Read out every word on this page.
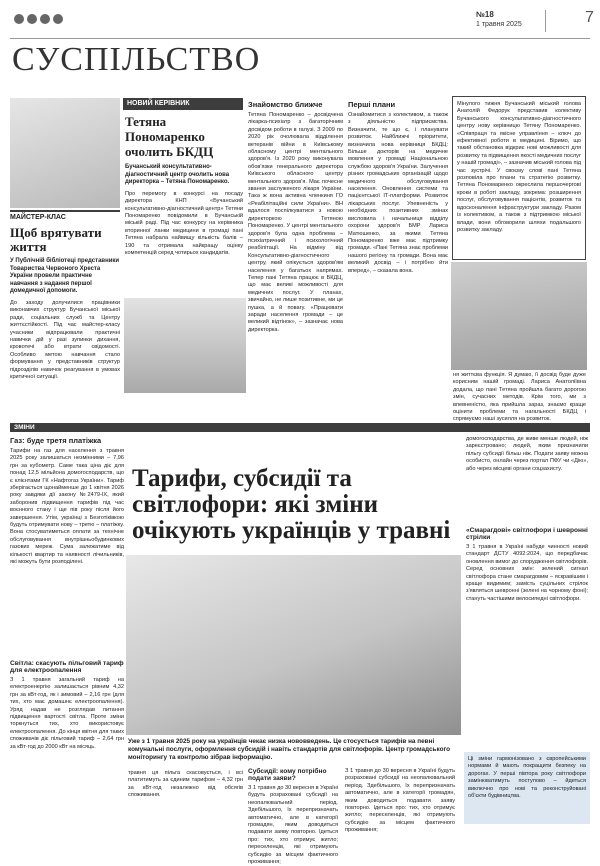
№18
1 травня 2025	7
СУСПІЛЬСТВО
МАЙСТЕР-КЛАС
Щоб врятувати життя
У Публічній бібліотеці представники Товариства Червоного Хреста України провели практичне навчання з надання першої домедичної допомоги.
До заходу долучилися працівники виконавчих структур Бучанської міської ради, соціальних служб та Центру життєстійкості. Під час майстер-класу учасники відпрацювали практичні навички дій у разі зупинки дихання, кровотечі або втрати свідомості. Особливо метою навчання стало формування у представників структур підрозділів навичок реагування в умовах критичної ситуації.
НОВИЙ КЕРІВНИК
Тетяна Пономаренко очолить БКДЦ
Бучанський консультативно-діагностичний центр очолить нова директорка – Тетяна Пономаренко.
Про перемогу в конкурсі на посаду директора КНП «Бучанський консультативно-діагностичний центр» Тетяни Пономаренко повідомили в Бучанській міській раді. Під час конкурсу на керівника вторинної ланки медицини в громаді пані Тетяна набрала найвищу кількість балів – 190 та отримала найкращу оцінку компетенцій серед чотирьох кандидатів.
Знайомство ближче
Тетяна Пономаренко – досвідчена лікарка-психіатр з багаторічним досвідом роботи в галузі. З 2009 по 2020 рік очолювала відділення ветеранів війни в Київському обласному центрі ментального здоров'я. Із 2020 року виконувала обов'язки генерального директора Київського обласного центру ментального здоров'я. Має почесне звання заслуженого лікаря України. Така ж вона активна членкиня ГО «Реабілітаційні сили України». ВН вдалося поспілкуватися з новою директоркою Тетяною Пономаренко. У центрі ментального здоров'я була одна проблема – психіатричний і психологічний реабілітації. На відміну від Консультативно-діагностичного центру, який опікується здоров'ям населення у багатьох напрямах. Тепер пані Тетяна працює в БКДЦ, що має великі можливості для медичних послуг. У планах, звичайно, не лише позитивне, ми це пушка, а й повагу. «Працювати заради населення громади – це великий відтінок», – зазначає нова директорка.
Перші плани
Ознайомитися з колективом, а також з діяльністю підприємства. Визначити, те що є, і планувати розвиток. Найближчі пріоритети, визначила нова керівниця БКДЦ: Більше докторів на медичне мовлення у громаді Національною службою здоров'я України. Залучення різних громадських організацій щодо медичного обслуговування населення. Оновлення системи та пацієнтської ІТ-платформи. Розвиток лікарських послуг. Упевненість у необхідних позитивних змінах висловила і начальниця відділу охорони здоров'я БМР Лариса Матюшенко, за якими Тетяна Пономаренко вже має підтримку громади. «Пані Тетяна знає проблеми нашого регіону та громади. Вона має великий досвід – і потрібно йти вперед», – сказала вона.
Мінулого тижня Бучанський міський голова Анатолій Федорук представив колективу Бучанського консультативно-діагностичного центру нову керівницю Тетяну Пономаренко. «Співпраця та якісне управління – ключ до ефективної роботи в медицині. Віримо, що такий обстановка відкриє нові можливості для розвитку та підвищення якості медичних послуг у нашій громаді», – зазначив міський голова під час зустрічі. У своєму слові пані Тетяна розповіла про плани та стратегію розвитку. Тетяна Пономаренко окреслила першочергові кроки в роботі закладу, зокрема: розширення послуг, обслуговування пацієнтів, розвиток та вдосконалення інфраструктури закладу. Разом із колективом, а також з підтримкою міської влади, вони обговорили шляхи подальшого розвитку закладу.
ня життєва функція. Я думаю, її досвід буде дуже корисним нашій громаді. Лариса Анатоліївна додала, що пані Тетяна пройшла багато дорогою змін, сучасних методів. Крім того, ми з впевненістю, яка прийшла зараз, знаємо краще оцінити проблеми та нагальності БКДЦ і спрямуємо наші зусилля на розвиток.
ЗМІНИ
Тарифи, субсидії та світлофори: які зміни очікують українців у травні
Газ: буде третя платіжка
Тарифи на газ для населення з травня 2025 року залишаться незмінними – 7,96 грн за кубометр. Саме така ціна діє для понад 12,5 мільйона домогосподарств, що є клієнтами ГК «Нафтогаз України». Тариф зберігається щонайменше до 1 квітня 2026 року завдяки дії закону №2479-ІХ, який заборонив підвищення тарифів під час воєнного стану і ще пів року після його завершення. Утім, українці з Безготіківкою будуть отримувати нову – третю – платіжку. Вона стосуватиметься оплати за технічне обслуговування внутрішньобудинкових газових мереж. Сума залежатиме від кількості квартир та наявності лічильників, які можуть бути розподілені.
Світла: скасують пільговий тариф для електроопалення
З 1 травня загальний тариф на електроенергію залишається рівним 4,32 грн за кВт·год, як і зимовий – 2,16 грн (для тих, хто має домашнє електроопалення). Уряд надав не розглядав питання підвищення вартості світла. Проте зміни торкнуться тих, хто використовує електроопалення. До кінця квітня для таких споживачів діє пільговий тариф – 2,64 грн за кВт·год до 2000 кВт на місяць.
Уже з 1 травня 2025 року на українців чекає низка нововведень. Це стосується тарифів на певні комунальні послуги, оформлення субсидій і навіть стандартів для світлофорів. Центр громадського моніторингу та контролю зібрав інформацію.
травня ця пільга скасовується, і всі платитимуть за єдиним тарифом – 4,32 грн за кВт·год незалежно від обсягів споживання.
Субсидії: кому потрібно подати заяви?
З 1 травня до 30 вересня в Україні будуть розраховані субсидії на неопалювальний період. Здебільшого, їх перепризначать автоматично, але в категорії громадян, яким доводиться подавати заяву повторно. Ідеться про: тих, хто отримує житло; переселенців, які отримують субсидію за місцем фактичного проживання;
З 1 травня до 30 вересня в Україні будуть розраховані субсидії на неопалювальний період. Здебільшого, їх перепризначать автоматично, але в категорії громадян, яким доводиться подавати заяву повторно. Ідеться про: тих, хто отримує житло; переселенців, які отримують субсидію за місцем фактичного проживання;
домогосподарства, де живе менше людей, ніж зареєстровано; людей, яким призначили пільгу субсидії більш ніж. Подати заяву можна особисто, онлайн через портал ПФУ чи «Дію», або через місцеві органи соцзахисту.
«Смарагдові» світлофори і шевронні стрілки
З 1 травня в Україні набуде чинності новий стандарт ДСТУ 4092:2024, що передбачає оновлення вимог до спорудження світлофорів. Серед основних змін: зелений сигнал світлофора стане смарагдовим – яскравішим і краще видимим; замість суцільних стрілок з'являться шевронні (зелені на чорному фоні); стануть частішими велосипедні світлофори.
Ці зміни гармонізовано з європейськими нормами й мають покращити безпеку на дорогах. У перші півтора року світлофори замінюватимуть поступово – йдеться виключно про нові та реконструйовані об'єкти будівництва.
